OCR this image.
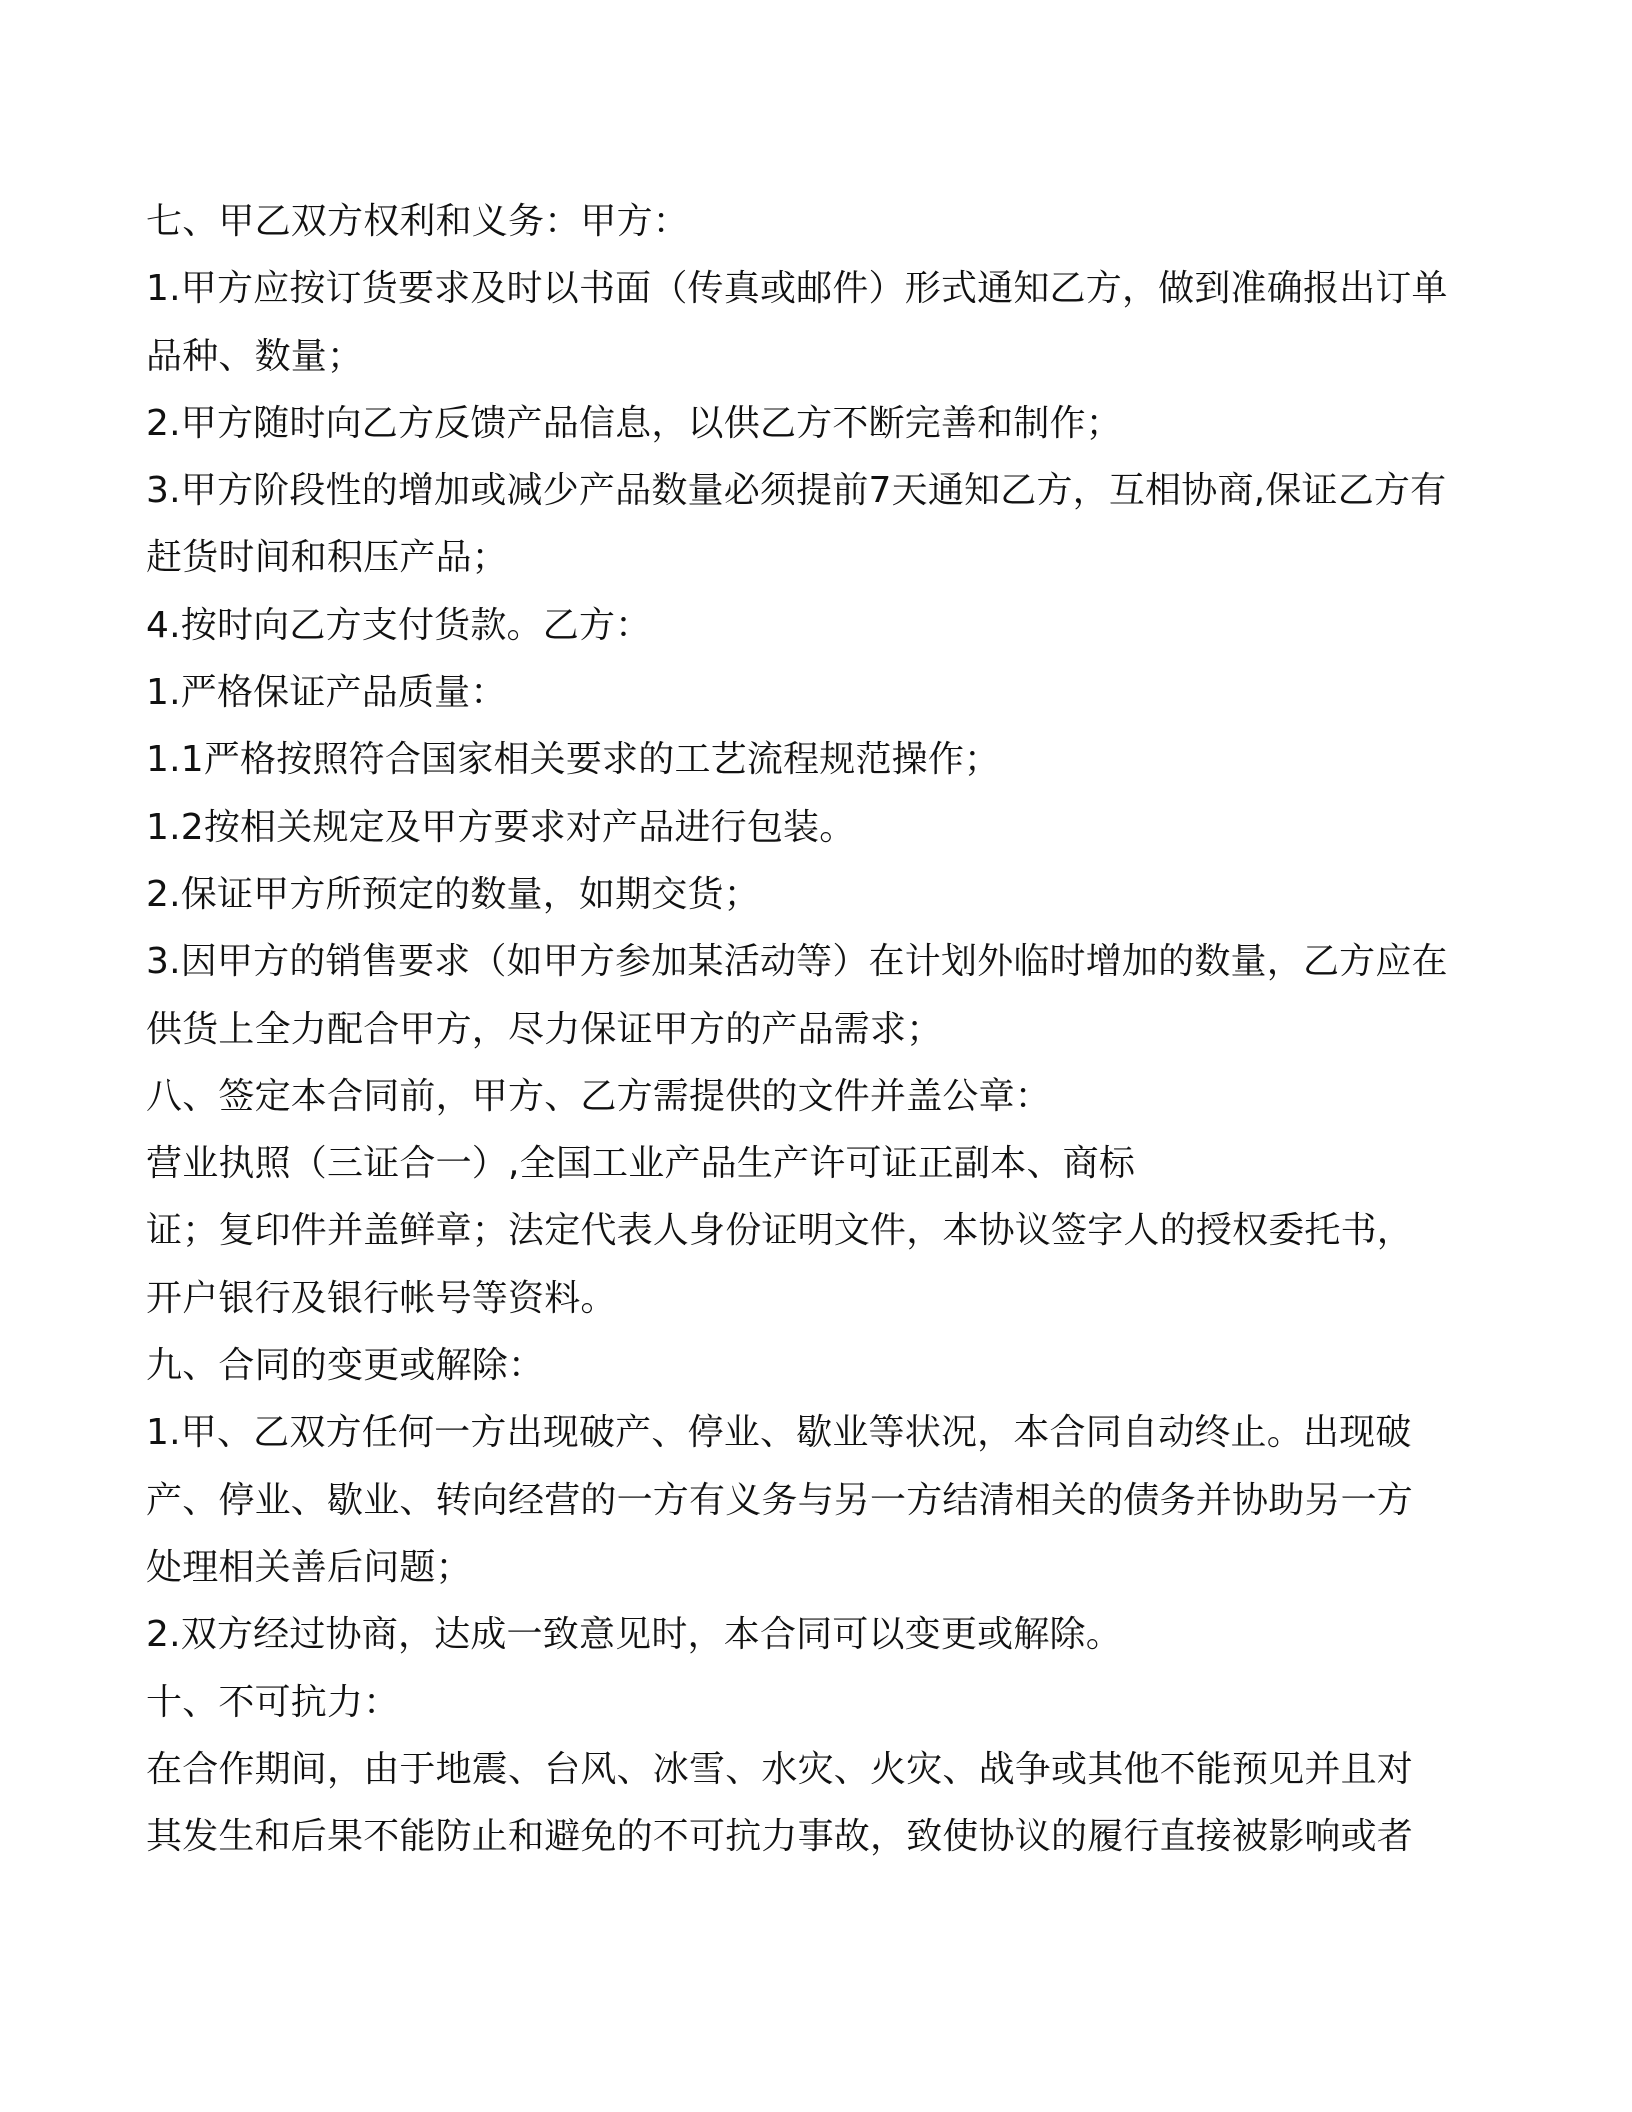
七、甲乙双方权利和义务：甲方：
1.甲方应按订货要求及时以书面（传真或邮件）形式通知乙方，做到准确报出订单
品种、数量；
2.甲方随时向乙方反馈产品信息，以供乙方不断完善和制作；
3.甲方阶段性的增加或减少产品数量必须提前7天通知乙方，互相协商,保证乙方有
赶货时间和积压产品；
4.按时向乙方支付货款。乙方：
1.严格保证产品质量：
1.1严格按照符合国家相关要求的工艺流程规范操作；
1.2按相关规定及甲方要求对产品进行包装。
2.保证甲方所预定的数量，如期交货；
3.因甲方的销售要求（如甲方参加某活动等）在计划外临时增加的数量，乙方应在
供货上全力配合甲方，尽力保证甲方的产品需求；
八、签定本合同前，甲方、乙方需提供的文件并盖公章：
营业执照（三证合一）,全国工业产品生产许可证正副本、商标
证；复印件并盖鲜章；法定代表人身份证明文件，本协议签字人的授权委托书，
开户银行及银行帐号等资料。
九、合同的变更或解除：
1.甲、乙双方任何一方出现破产、停业、歇业等状况，本合同自动终止。出现破
产、停业、歇业、转向经营的一方有义务与另一方结清相关的债务并协助另一方
处理相关善后问题；
2.双方经过协商，达成一致意见时，本合同可以变更或解除。
十、不可抗力：
在合作期间，由于地震、台风、冰雪、水灾、火灾、战争或其他不能预见并且对
其发生和后果不能防止和避免的不可抗力事故，致使协议的履行直接被影响或者
